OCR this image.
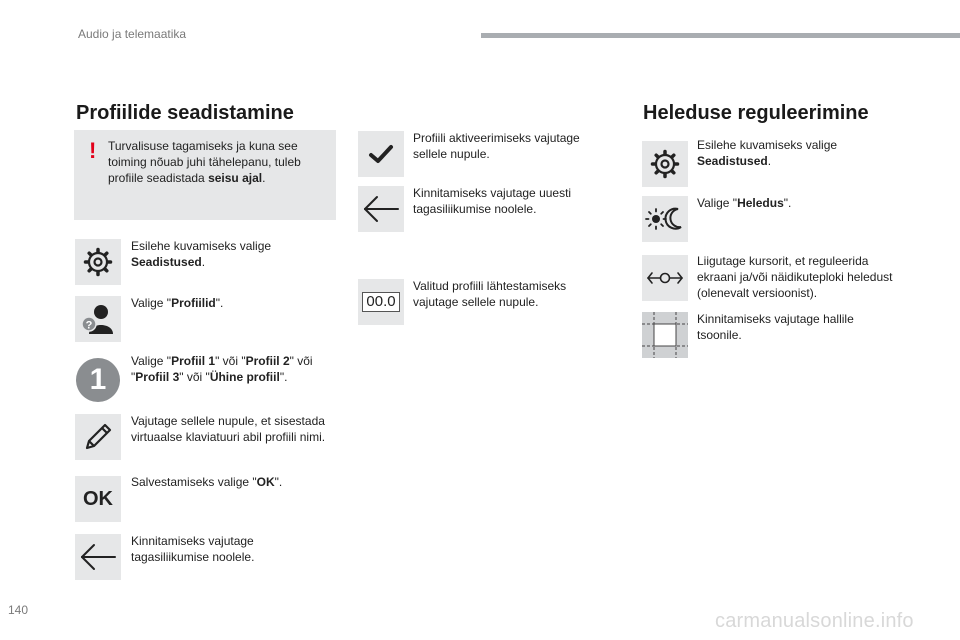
Audio ja telemaatika
Profiilide seadistamine	Heleduse reguleerimine
! Turvalisuse tagamiseks ja kuna see toiming nõuab juhi tähelepanu, tuleb profiile seadistada seisu ajal.
Esilehe kuvamiseks valige Seadistused.
?
Valige "Profiilid".
1
Valige "Profiil 1" või "Profiil 2" või "Profiil 3" või "Ühine profiil".
Vajutage sellele nupule, et sisestada virtuaalse klaviatuuri abil profiili nimi.
OK
Salvestamiseks valige "OK".
Kinnitamiseks vajutage tagasiliikumise noolele.
Profiili aktiveerimiseks vajutage sellele nupule.
Kinnitamiseks vajutage uuesti tagasiliikumise noolele.
00.0
Valitud profiili lähtestamiseks vajutage sellele nupule.
Esilehe kuvamiseks valige Seadistused.
Valige "Heledus".
Liigutage kursorit, et reguleerida ekraani ja/või näidikuteploki heledust (olenevalt versioonist).
Kinnitamiseks vajutage hallile tsoonile.
140	carmanualsonline.info
